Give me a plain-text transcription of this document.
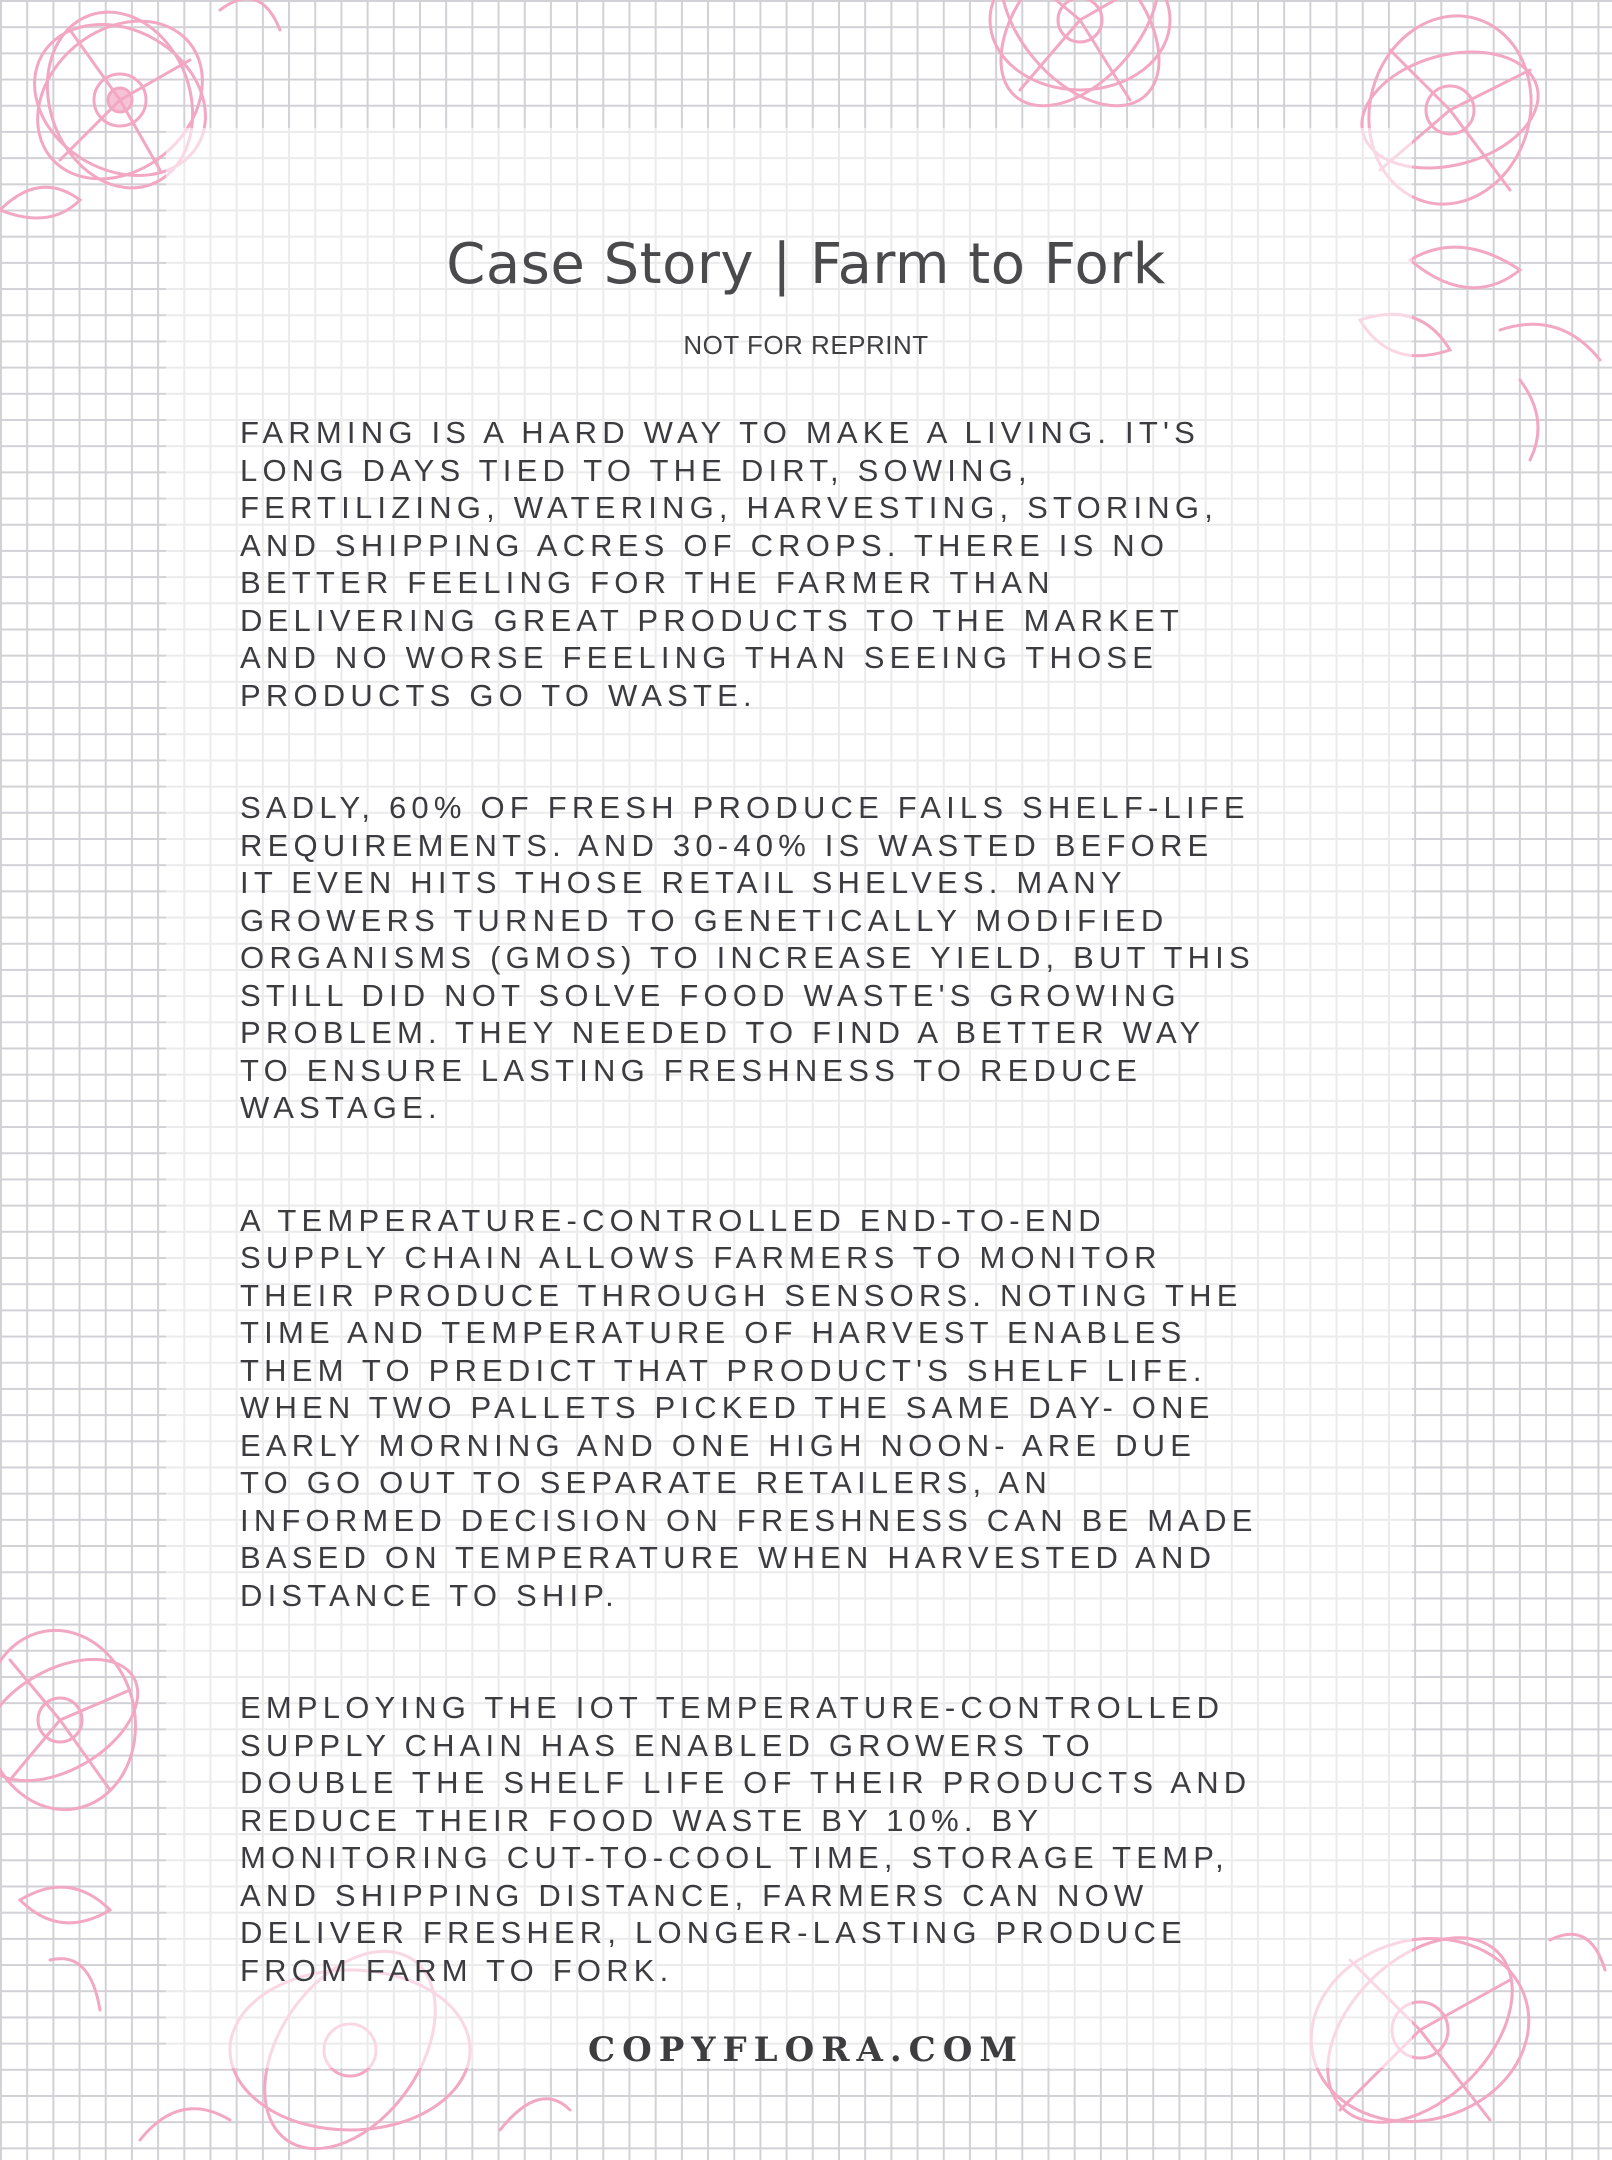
Case Story | Farm to Fork
NOT FOR REPRINT

FARMING IS A HARD WAY TO MAKE A LIVING. IT'S
LONG DAYS TIED TO THE DIRT, SOWING,
FERTILIZING, WATERING, HARVESTING, STORING,
AND SHIPPING ACRES OF CROPS. THERE IS NO
BETTER FEELING FOR THE FARMER THAN
DELIVERING GREAT PRODUCTS TO THE MARKET
AND NO WORSE FEELING THAN SEEING THOSE
PRODUCTS GO TO WASTE.

SADLY, 60% OF FRESH PRODUCE FAILS SHELF-LIFE
REQUIREMENTS. AND 30-40% IS WASTED BEFORE
IT EVEN HITS THOSE RETAIL SHELVES. MANY
GROWERS TURNED TO GENETICALLY MODIFIED
ORGANISMS (GMOS) TO INCREASE YIELD, BUT THIS
STILL DID NOT SOLVE FOOD WASTE'S GROWING
PROBLEM. THEY NEEDED TO FIND A BETTER WAY
TO ENSURE LASTING FRESHNESS TO REDUCE
WASTAGE.

A TEMPERATURE-CONTROLLED END-TO-END
SUPPLY CHAIN ALLOWS FARMERS TO MONITOR
THEIR PRODUCE THROUGH SENSORS. NOTING THE
TIME AND TEMPERATURE OF HARVEST ENABLES
THEM TO PREDICT THAT PRODUCT'S SHELF LIFE.
WHEN TWO PALLETS PICKED THE SAME DAY- ONE
EARLY MORNING AND ONE HIGH NOON- ARE DUE
TO GO OUT TO SEPARATE RETAILERS, AN
INFORMED DECISION ON FRESHNESS CAN BE MADE
BASED ON TEMPERATURE WHEN HARVESTED AND
DISTANCE TO SHIP.

EMPLOYING THE IOT TEMPERATURE-CONTROLLED
SUPPLY CHAIN HAS ENABLED GROWERS TO
DOUBLE THE SHELF LIFE OF THEIR PRODUCTS AND
REDUCE THEIR FOOD WASTE BY 10%. BY
MONITORING CUT-TO-COOL TIME, STORAGE TEMP,
AND SHIPPING DISTANCE, FARMERS CAN NOW
DELIVER FRESHER, LONGER-LASTING PRODUCE
FROM FARM TO FORK.

COPYFLORA.COM
